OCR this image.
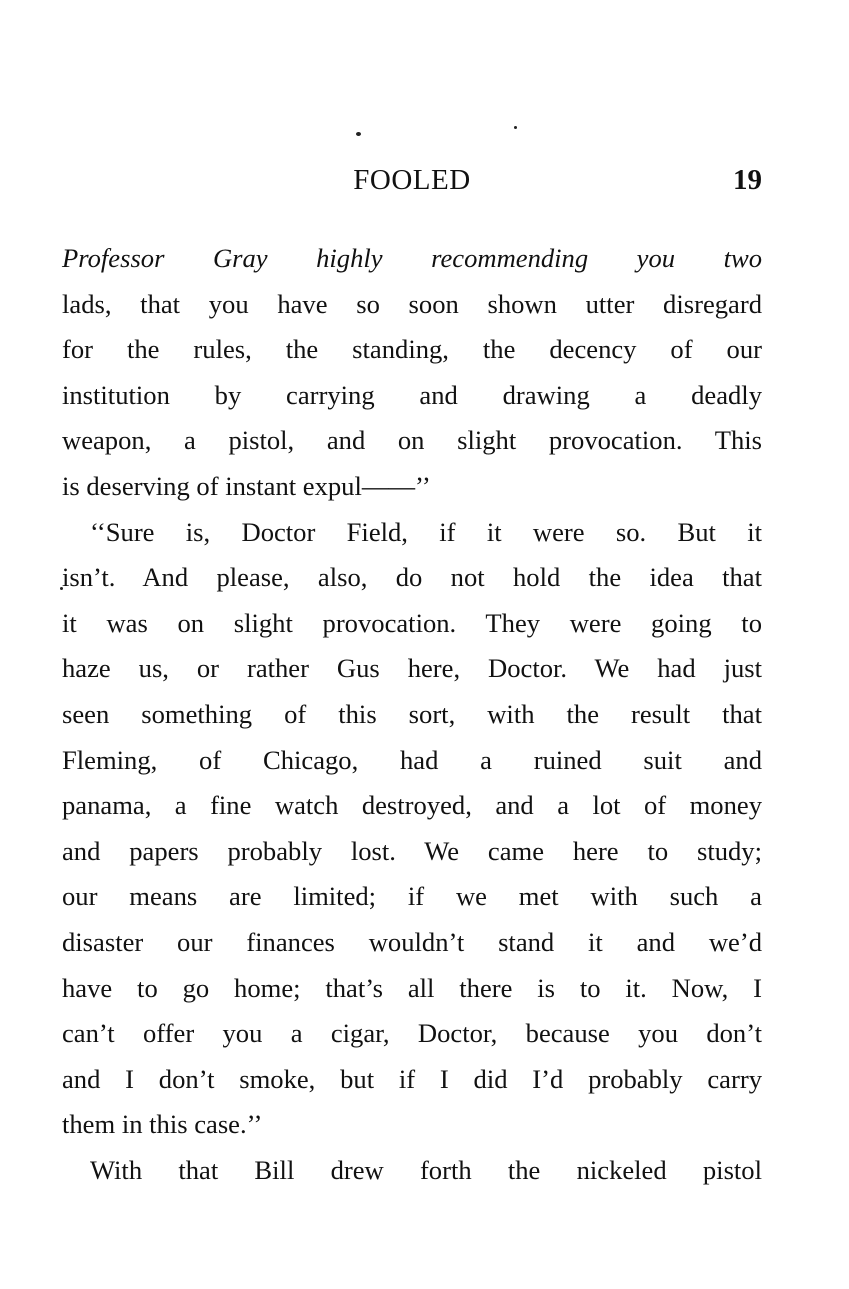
FOOLED	19
Professor Gray highly recommending you two
lads, that you have so soon shown utter disregard
for the rules, the standing, the decency of our
institution by carrying and drawing a deadly
weapon, a pistol, and on slight provocation. This
is deserving of instant expul——’’
‘‘Sure is, Doctor Field, if it were so. But it
isn’t. And please, also, do not hold the idea that
it was on slight provocation. They were going to
haze us, or rather Gus here, Doctor. We had just
seen something of this sort, with the result that
Fleming, of Chicago, had a ruined suit and
panama, a fine watch destroyed, and a lot of money
and papers probably lost. We came here to study;
our means are limited; if we met with such a
disaster our finances wouldn’t stand it and we’d
have to go home; that’s all there is to it. Now, I
can’t offer you a cigar, Doctor, because you don’t
and I don’t smoke, but if I did I’d probably carry
them in this case.’’
With that Bill drew forth the nickeled pistol
